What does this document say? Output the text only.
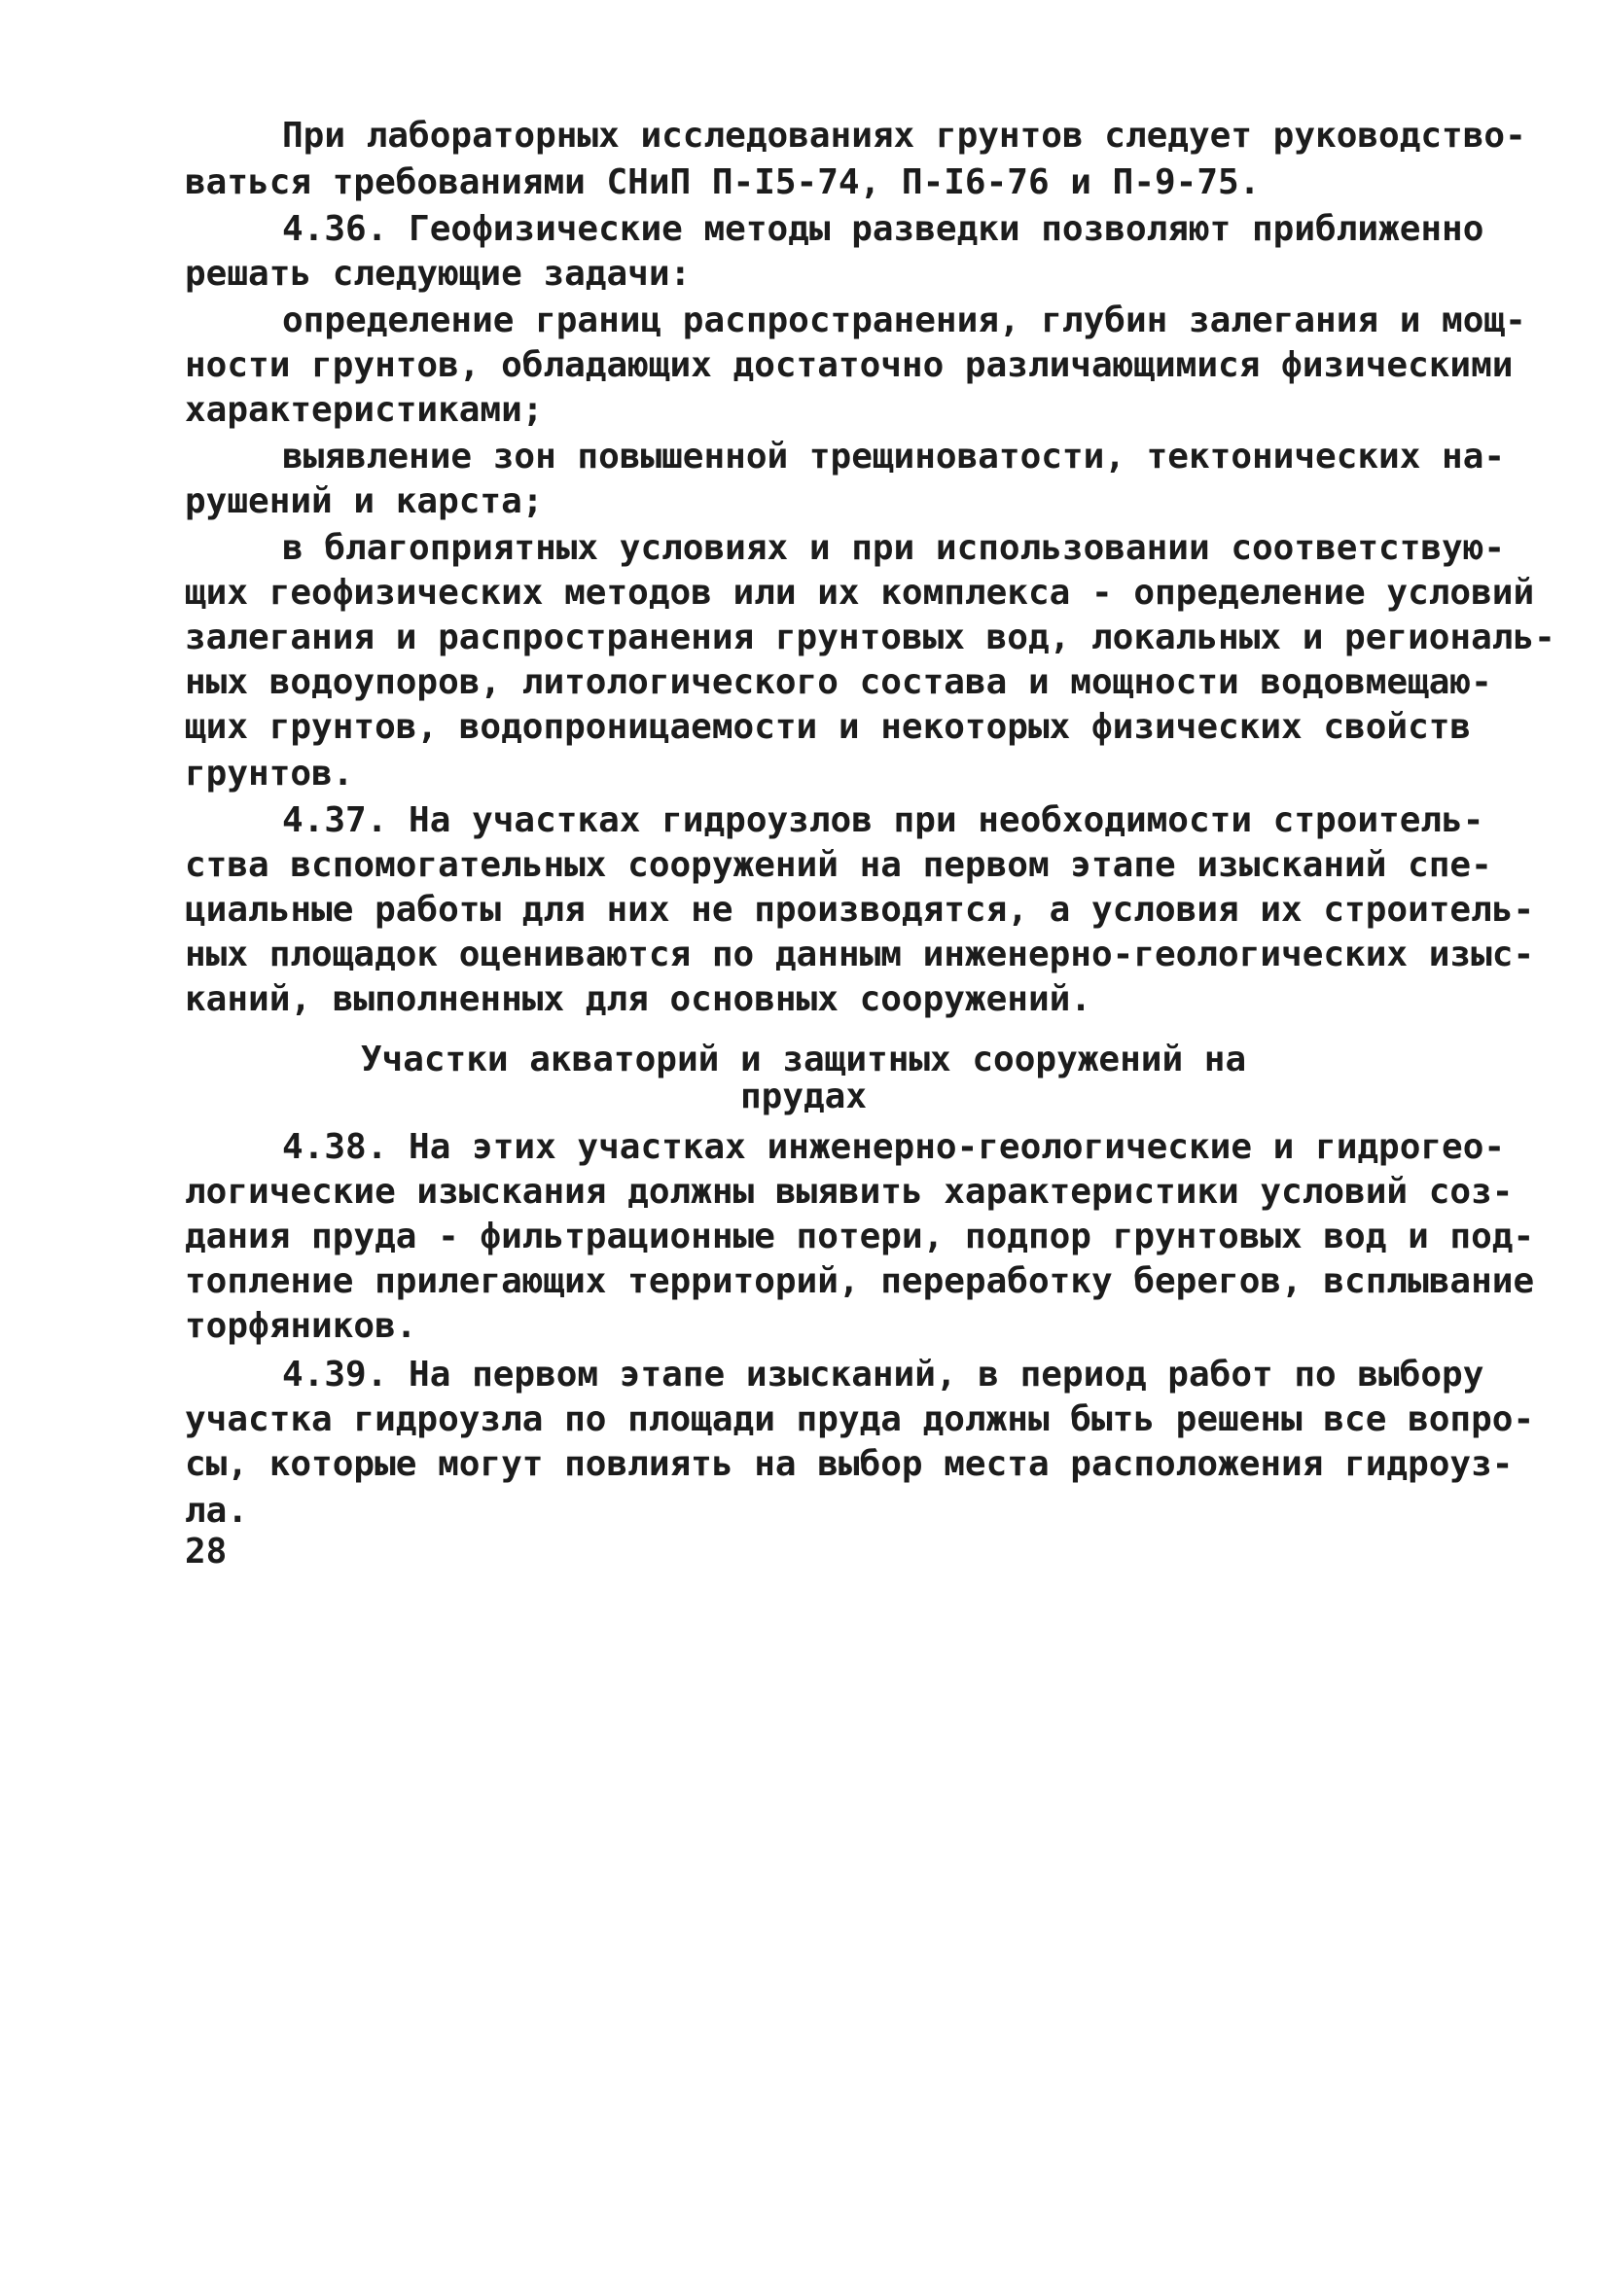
При лабораторных исследованиях грунтов следует руководство-
ваться требованиями СНиП П-I5-74, П-I6-76 и П-9-75.
4.36. Геофизические методы разведки позволяют приближенно
решать следующие задачи:
определение границ распространения, глубин залегания и мощ-
ности грунтов, обладающих достаточно различающимися физическими
характеристиками;
выявление зон повышенной трещиноватости, тектонических на-
рушений и карста;
в благоприятных условиях и при использовании соответствую-
щих геофизических методов или их комплекса - определение условий
залегания и распространения грунтовых вод, локальных и региональ-
ных водоупоров, литологического состава и мощности водовмещаю-
щих грунтов, водопроницаемости и некоторых физических свойств
грунтов.
4.37. На участках гидроузлов при необходимости строитель-
ства вспомогательных сооружений на первом этапе изысканий спе-
циальные работы для них не производятся, а условия их строитель-
ных площадок оцениваются по данным инженерно-геологических изыс-
каний, выполненных для основных сооружений.
Участки акваторий и защитных сооружений на
прудах
4.38. На этих участках инженерно-геологические и гидрогео-
логические изыскания должны выявить характеристики условий соз-
дания пруда - фильтрационные потери, подпор грунтовых вод и под-
топление прилегающих территорий, переработку берегов, всплывание
торфяников.
4.39. На первом этапе изысканий, в период работ по выбору
участка гидроузла по площади пруда должны быть решены все вопро-
сы, которые могут повлиять на выбор места расположения гидроуз-
ла.
28
